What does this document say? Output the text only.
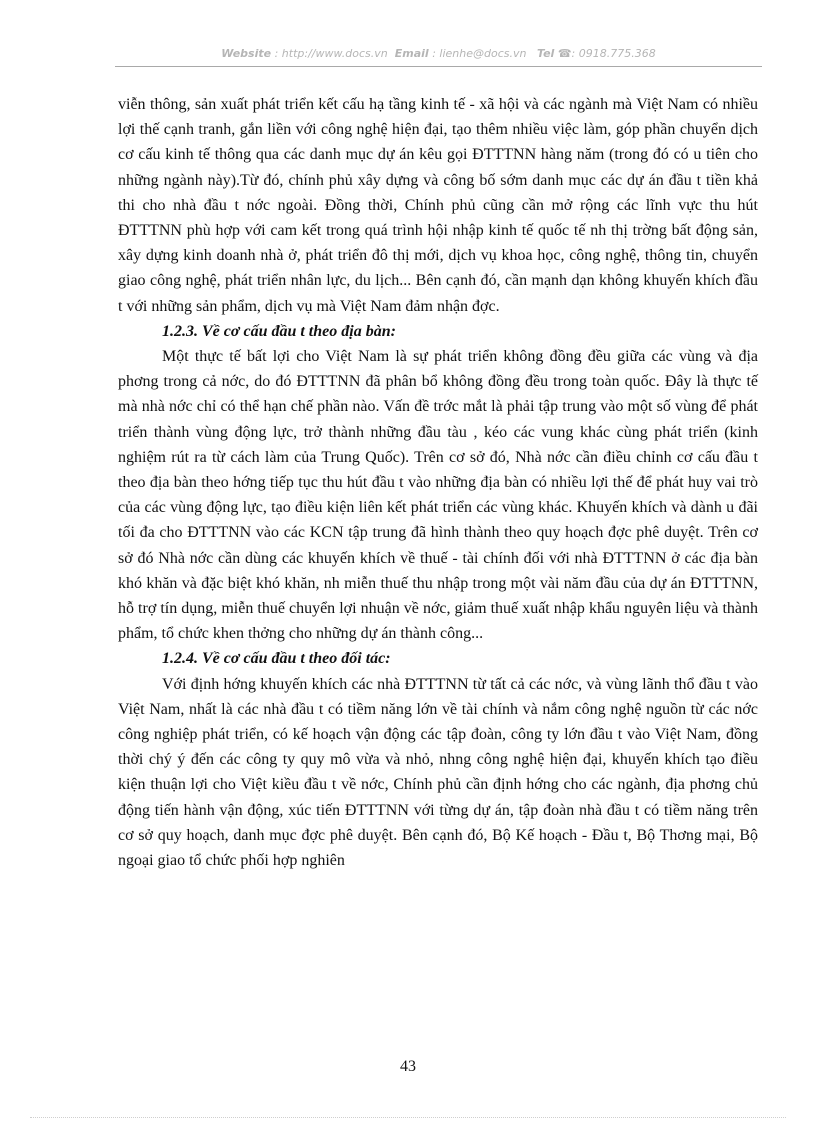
Website : http://www.docs.vn Email : lienhe@docs.vn Tel ☎: 0918.775.368

viễn thông, sản xuất phát triển kết cấu hạ tầng kinh tế - xã hội và các ngành mà Việt Nam có nhiều lợi thế cạnh tranh, gắn liền với công nghệ hiện đại, tạo thêm nhiều việc làm, góp phần chuyển dịch cơ cấu kinh tế thông qua các danh mục dự án kêu gọi ĐTTTNN hàng năm (trong đó có u tiên cho những ngành này).Từ đó, chính phủ xây dựng và công bố sớm danh mục các dự án đầu t tiền khả thi cho nhà đầu t nớc ngoài. Đồng thời, Chính phủ cũng cần mở rộng các lĩnh vực thu hút ĐTTTNN phù hợp với cam kết trong quá trình hội nhập kinh tế quốc tế nh thị trờng bất động sản, xây dựng kinh doanh nhà ở, phát triển đô thị mới, dịch vụ khoa học, công nghệ, thông tin, chuyển giao công nghệ, phát triển nhân lực, du lịch... Bên cạnh đó, cần mạnh dạn không khuyến khích đầu t với những sản phẩm, dịch vụ mà Việt Nam đảm nhận đợc.

1.2.3. Về cơ cấu đầu t theo địa bàn:

Một thực tế bất lợi cho Việt Nam là sự phát triển không đồng đều giữa các vùng và địa phơng trong cả nớc, do đó ĐTTTNN đã phân bổ không đồng đều trong toàn quốc. Đây là thực tế mà nhà nớc chỉ có thể hạn chế phần nào. Vấn đề trớc mắt là phải tập trung vào một số vùng để phát triển thành vùng động lực, trở thành những đầu tàu , kéo các vung khác cùng phát triển (kinh nghiệm rút ra từ cách làm của Trung Quốc). Trên cơ sở đó, Nhà nớc cần điều chỉnh cơ cấu đầu t theo địa bàn theo hớng tiếp tục thu hút đầu t vào những địa bàn có nhiều lợi thế để phát huy vai trò của các vùng động lực, tạo điều kiện liên kết phát triển các vùng khác. Khuyến khích và dành u đãi tối đa cho ĐTTTNN vào các KCN tập trung đã hình thành theo quy hoạch đợc phê duyệt. Trên cơ sở đó Nhà nớc cần dùng các khuyến khích về thuế - tài chính đối với nhà ĐTTTNN ở các địa bàn khó khăn và đặc biệt khó khăn, nh miễn thuế thu nhập trong một vài năm đầu của dự án ĐTTTNN, hỗ trợ tín dụng, miễn thuế chuyển lợi nhuận về nớc, giảm thuế xuất nhập khẩu nguyên liệu và thành phẩm, tổ chức khen thởng cho những dự án thành công...

1.2.4. Về cơ cấu đầu t theo đối tác:

Với định hớng khuyến khích các nhà ĐTTTNN từ tất cả các nớc, và vùng lãnh thổ đầu t vào Việt Nam, nhất là các nhà đầu t có tiềm năng lớn về tài chính và nắm công nghệ nguồn từ các nớc công nghiệp phát triển, có kế hoạch vận động các tập đoàn, công ty lớn đầu t vào Việt Nam, đồng thời chý ý đến các công ty quy mô vừa và nhỏ, nhng công nghệ hiện đại, khuyến khích tạo điều kiện thuận lợi cho Việt kiều đầu t về nớc, Chính phủ cần định hớng cho các ngành, địa phơng chủ động tiến hành vận động, xúc tiến ĐTTTNN với từng dự án, tập đoàn nhà đầu t có tiềm năng trên cơ sở quy hoạch, danh mục đợc phê duyệt. Bên cạnh đó, Bộ Kế hoạch - Đầu t, Bộ Thơng mại, Bộ ngoại giao tổ chức phối hợp nghiên

43
